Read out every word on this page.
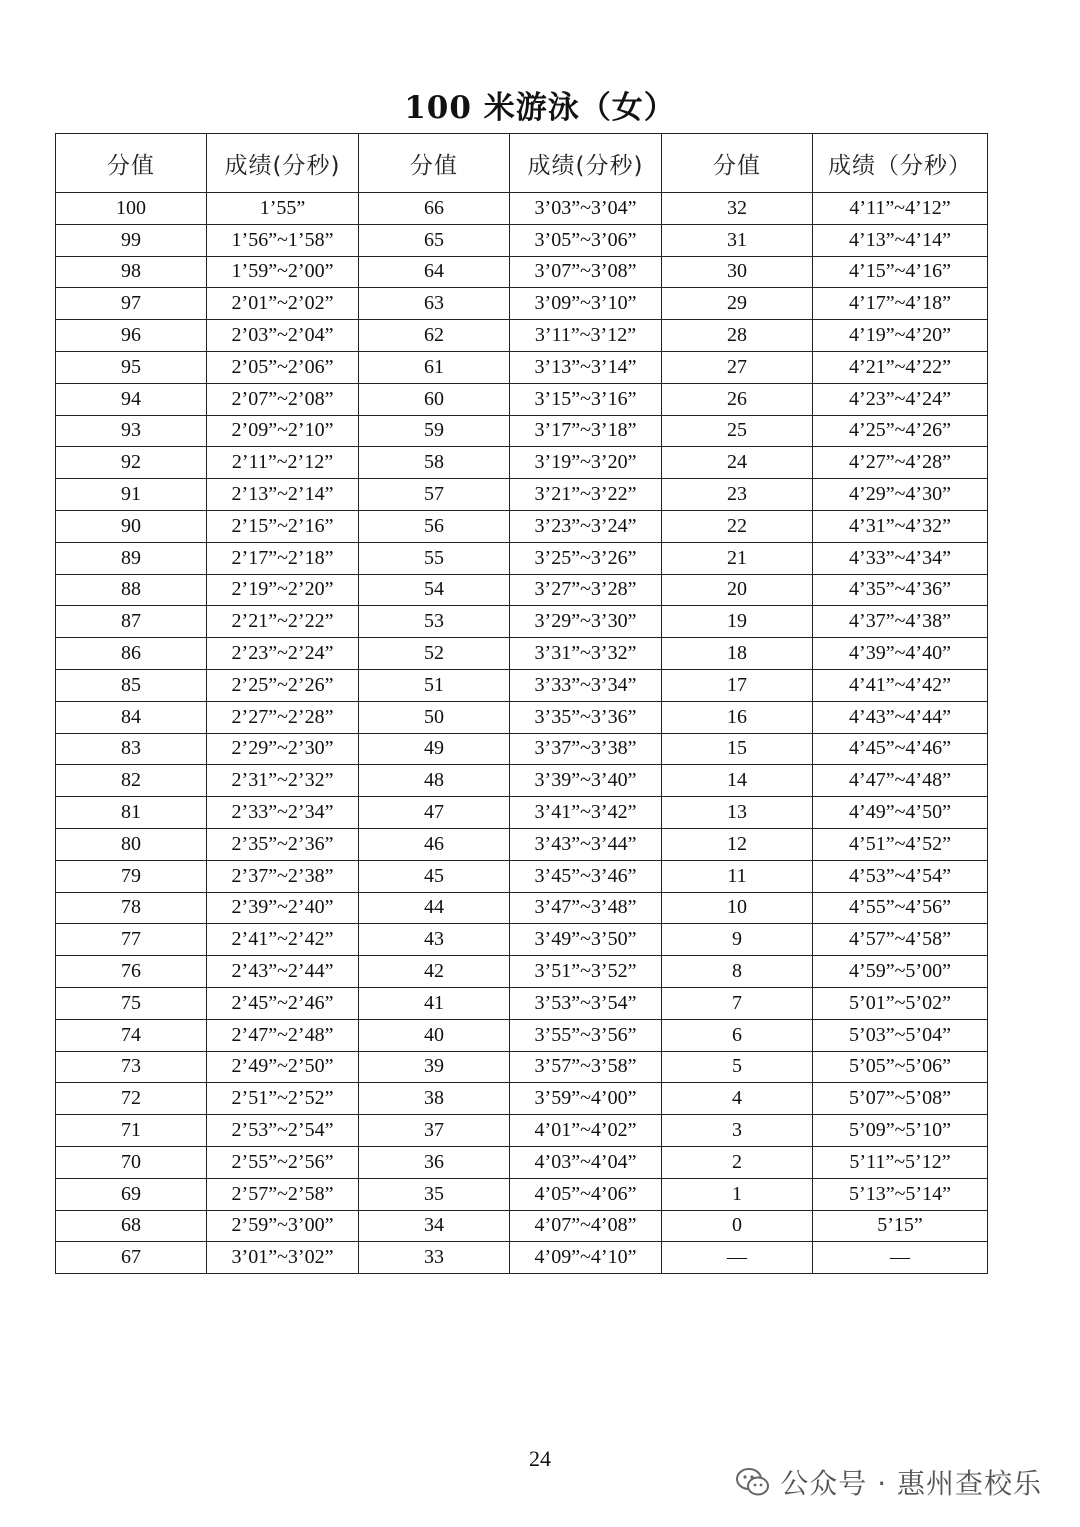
100 米游泳（女）
分值	成绩(分秒)	分值	成绩(分秒)	分值	成绩（分秒）
100	1’55”	66	3’03”~3’04”	32	4’11”~4’12”
99	1’56”~1’58”	65	3’05”~3’06”	31	4’13”~4’14”
98	1’59”~2’00”	64	3’07”~3’08”	30	4’15”~4’16”
97	2’01”~2’02”	63	3’09”~3’10”	29	4’17”~4’18”
96	2’03”~2’04”	62	3’11”~3’12”	28	4’19”~4’20”
95	2’05”~2’06”	61	3’13”~3’14”	27	4’21”~4’22”
94	2’07”~2’08”	60	3’15”~3’16”	26	4’23”~4’24”
93	2’09”~2’10”	59	3’17”~3’18”	25	4’25”~4’26”
92	2’11”~2’12”	58	3’19”~3’20”	24	4’27”~4’28”
91	2’13”~2’14”	57	3’21”~3’22”	23	4’29”~4’30”
90	2’15”~2’16”	56	3’23”~3’24”	22	4’31”~4’32”
89	2’17”~2’18”	55	3’25”~3’26”	21	4’33”~4’34”
88	2’19”~2’20”	54	3’27”~3’28”	20	4’35”~4’36”
87	2’21”~2’22”	53	3’29”~3’30”	19	4’37”~4’38”
86	2’23”~2’24”	52	3’31”~3’32”	18	4’39”~4’40”
85	2’25”~2’26”	51	3’33”~3’34”	17	4’41”~4’42”
84	2’27”~2’28”	50	3’35”~3’36”	16	4’43”~4’44”
83	2’29”~2’30”	49	3’37”~3’38”	15	4’45”~4’46”
82	2’31”~2’32”	48	3’39”~3’40”	14	4’47”~4’48”
81	2’33”~2’34”	47	3’41”~3’42”	13	4’49”~4’50”
80	2’35”~2’36”	46	3’43”~3’44”	12	4’51”~4’52”
79	2’37”~2’38”	45	3’45”~3’46”	11	4’53”~4’54”
78	2’39”~2’40”	44	3’47”~3’48”	10	4’55”~4’56”
77	2’41”~2’42”	43	3’49”~3’50”	9	4’57”~4’58”
76	2’43”~2’44”	42	3’51”~3’52”	8	4’59”~5’00”
75	2’45”~2’46”	41	3’53”~3’54”	7	5’01”~5’02”
74	2’47”~2’48”	40	3’55”~3’56”	6	5’03”~5’04”
73	2’49”~2’50”	39	3’57”~3’58”	5	5’05”~5’06”
72	2’51”~2’52”	38	3’59”~4’00”	4	5’07”~5’08”
71	2’53”~2’54”	37	4’01”~4’02”	3	5’09”~5’10”
70	2’55”~2’56”	36	4’03”~4’04”	2	5’11”~5’12”
69	2’57”~2’58”	35	4’05”~4’06”	1	5’13”~5’14”
68	2’59”~3’00”	34	4’07”~4’08”	0	5’15”
67	3’01”~3’02”	33	4’09”~4’10”	—	—
24
公众号 · 惠州查校乐
